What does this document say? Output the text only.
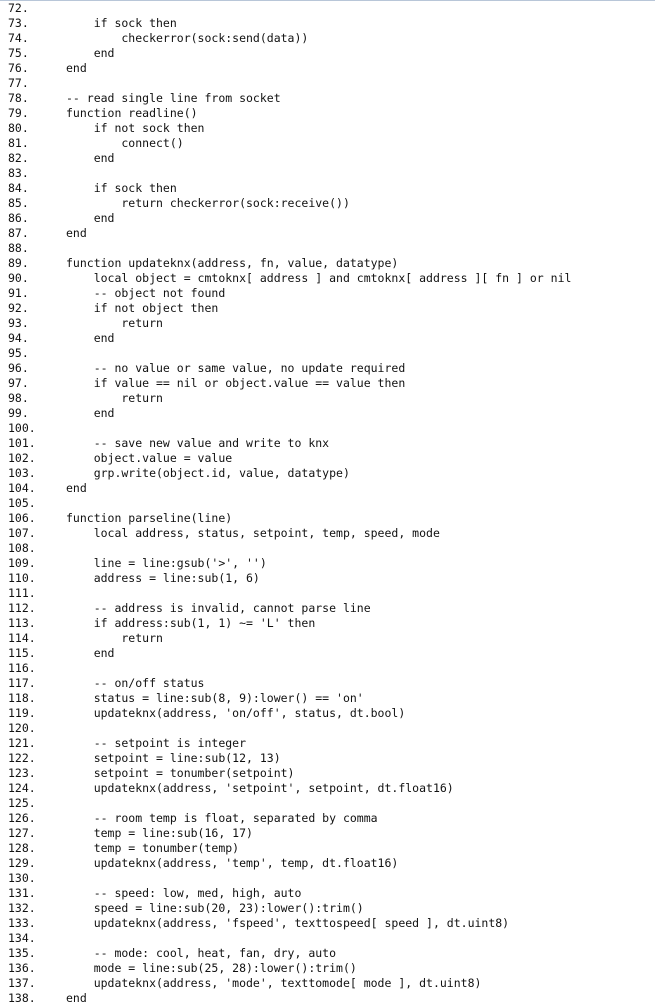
72.
73.	if sock then
74.	checkerror(sock:send(data))
75.	end
76.	end
77.
78.	-- read single line from socket
79.	function readline()
80.	if not sock then
81.	connect()
82.	end
83.
84.	if sock then
85.	return checkerror(sock:receive())
86.	end
87.	end
88.
89.	function updateknx(address, fn, value, datatype)
90.	local object = cmtoknx[ address ] and cmtoknx[ address ][ fn ] or nil
91.	-- object not found
92.	if not object then
93.	return
94.	end
95.
96.	-- no value or same value, no update required
97.	if value == nil or object.value == value then
98.	return
99.	end
100.
101.	-- save new value and write to knx
102.	object.value = value
103.	grp.write(object.id, value, datatype)
104.	end
105.
106.	function parseline(line)
107.	local address, status, setpoint, temp, speed, mode
108.
109.	line = line:gsub('>', '')
110.	address = line:sub(1, 6)
111.
112.	-- address is invalid, cannot parse line
113.	if address:sub(1, 1) ~= 'L' then
114.	return
115.	end
116.
117.	-- on/off status
118.	status = line:sub(8, 9):lower() == 'on'
119.	updateknx(address, 'on/off', status, dt.bool)
120.
121.	-- setpoint is integer
122.	setpoint = line:sub(12, 13)
123.	setpoint = tonumber(setpoint)
124.	updateknx(address, 'setpoint', setpoint, dt.float16)
125.
126.	-- room temp is float, separated by comma
127.	temp = line:sub(16, 17)
128.	temp = tonumber(temp)
129.	updateknx(address, 'temp', temp, dt.float16)
130.
131.	-- speed: low, med, high, auto
132.	speed = line:sub(20, 23):lower():trim()
133.	updateknx(address, 'fspeed', texttospeed[ speed ], dt.uint8)
134.
135.	-- mode: cool, heat, fan, dry, auto
136.	mode = line:sub(25, 28):lower():trim()
137.	updateknx(address, 'mode', texttomode[ mode ], dt.uint8)
138.	end
